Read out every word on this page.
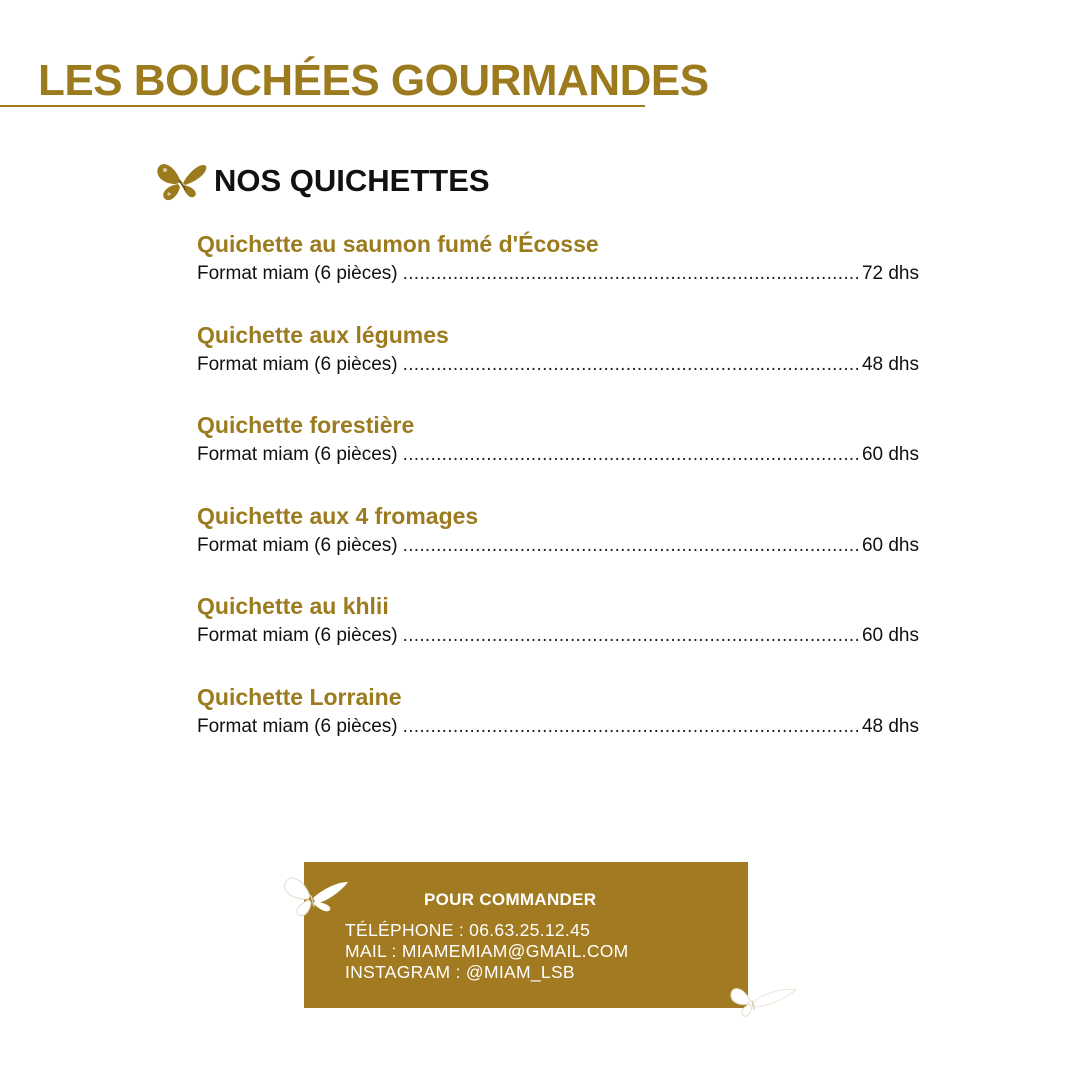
LES BOUCHÉES GOURMANDES
NOS QUICHETTES
Quichette au saumon fumé d'Écosse
Format miam (6 pièces) .....	72 dhs
Quichette aux légumes
Format miam (6 pièces) .....	48 dhs
Quichette forestière
Format miam (6 pièces) .....	60 dhs
Quichette aux 4 fromages
Format miam (6 pièces) .....	60 dhs
Quichette au khlii
Format miam (6 pièces) .....	60 dhs
Quichette Lorraine
Format miam (6 pièces) .....	48 dhs
POUR COMMANDER
TÉLÉPHONE : 06.63.25.12.45
MAIL : MIAMEMIAM@GMAIL.COM
INSTAGRAM : @MIAM_LSB
